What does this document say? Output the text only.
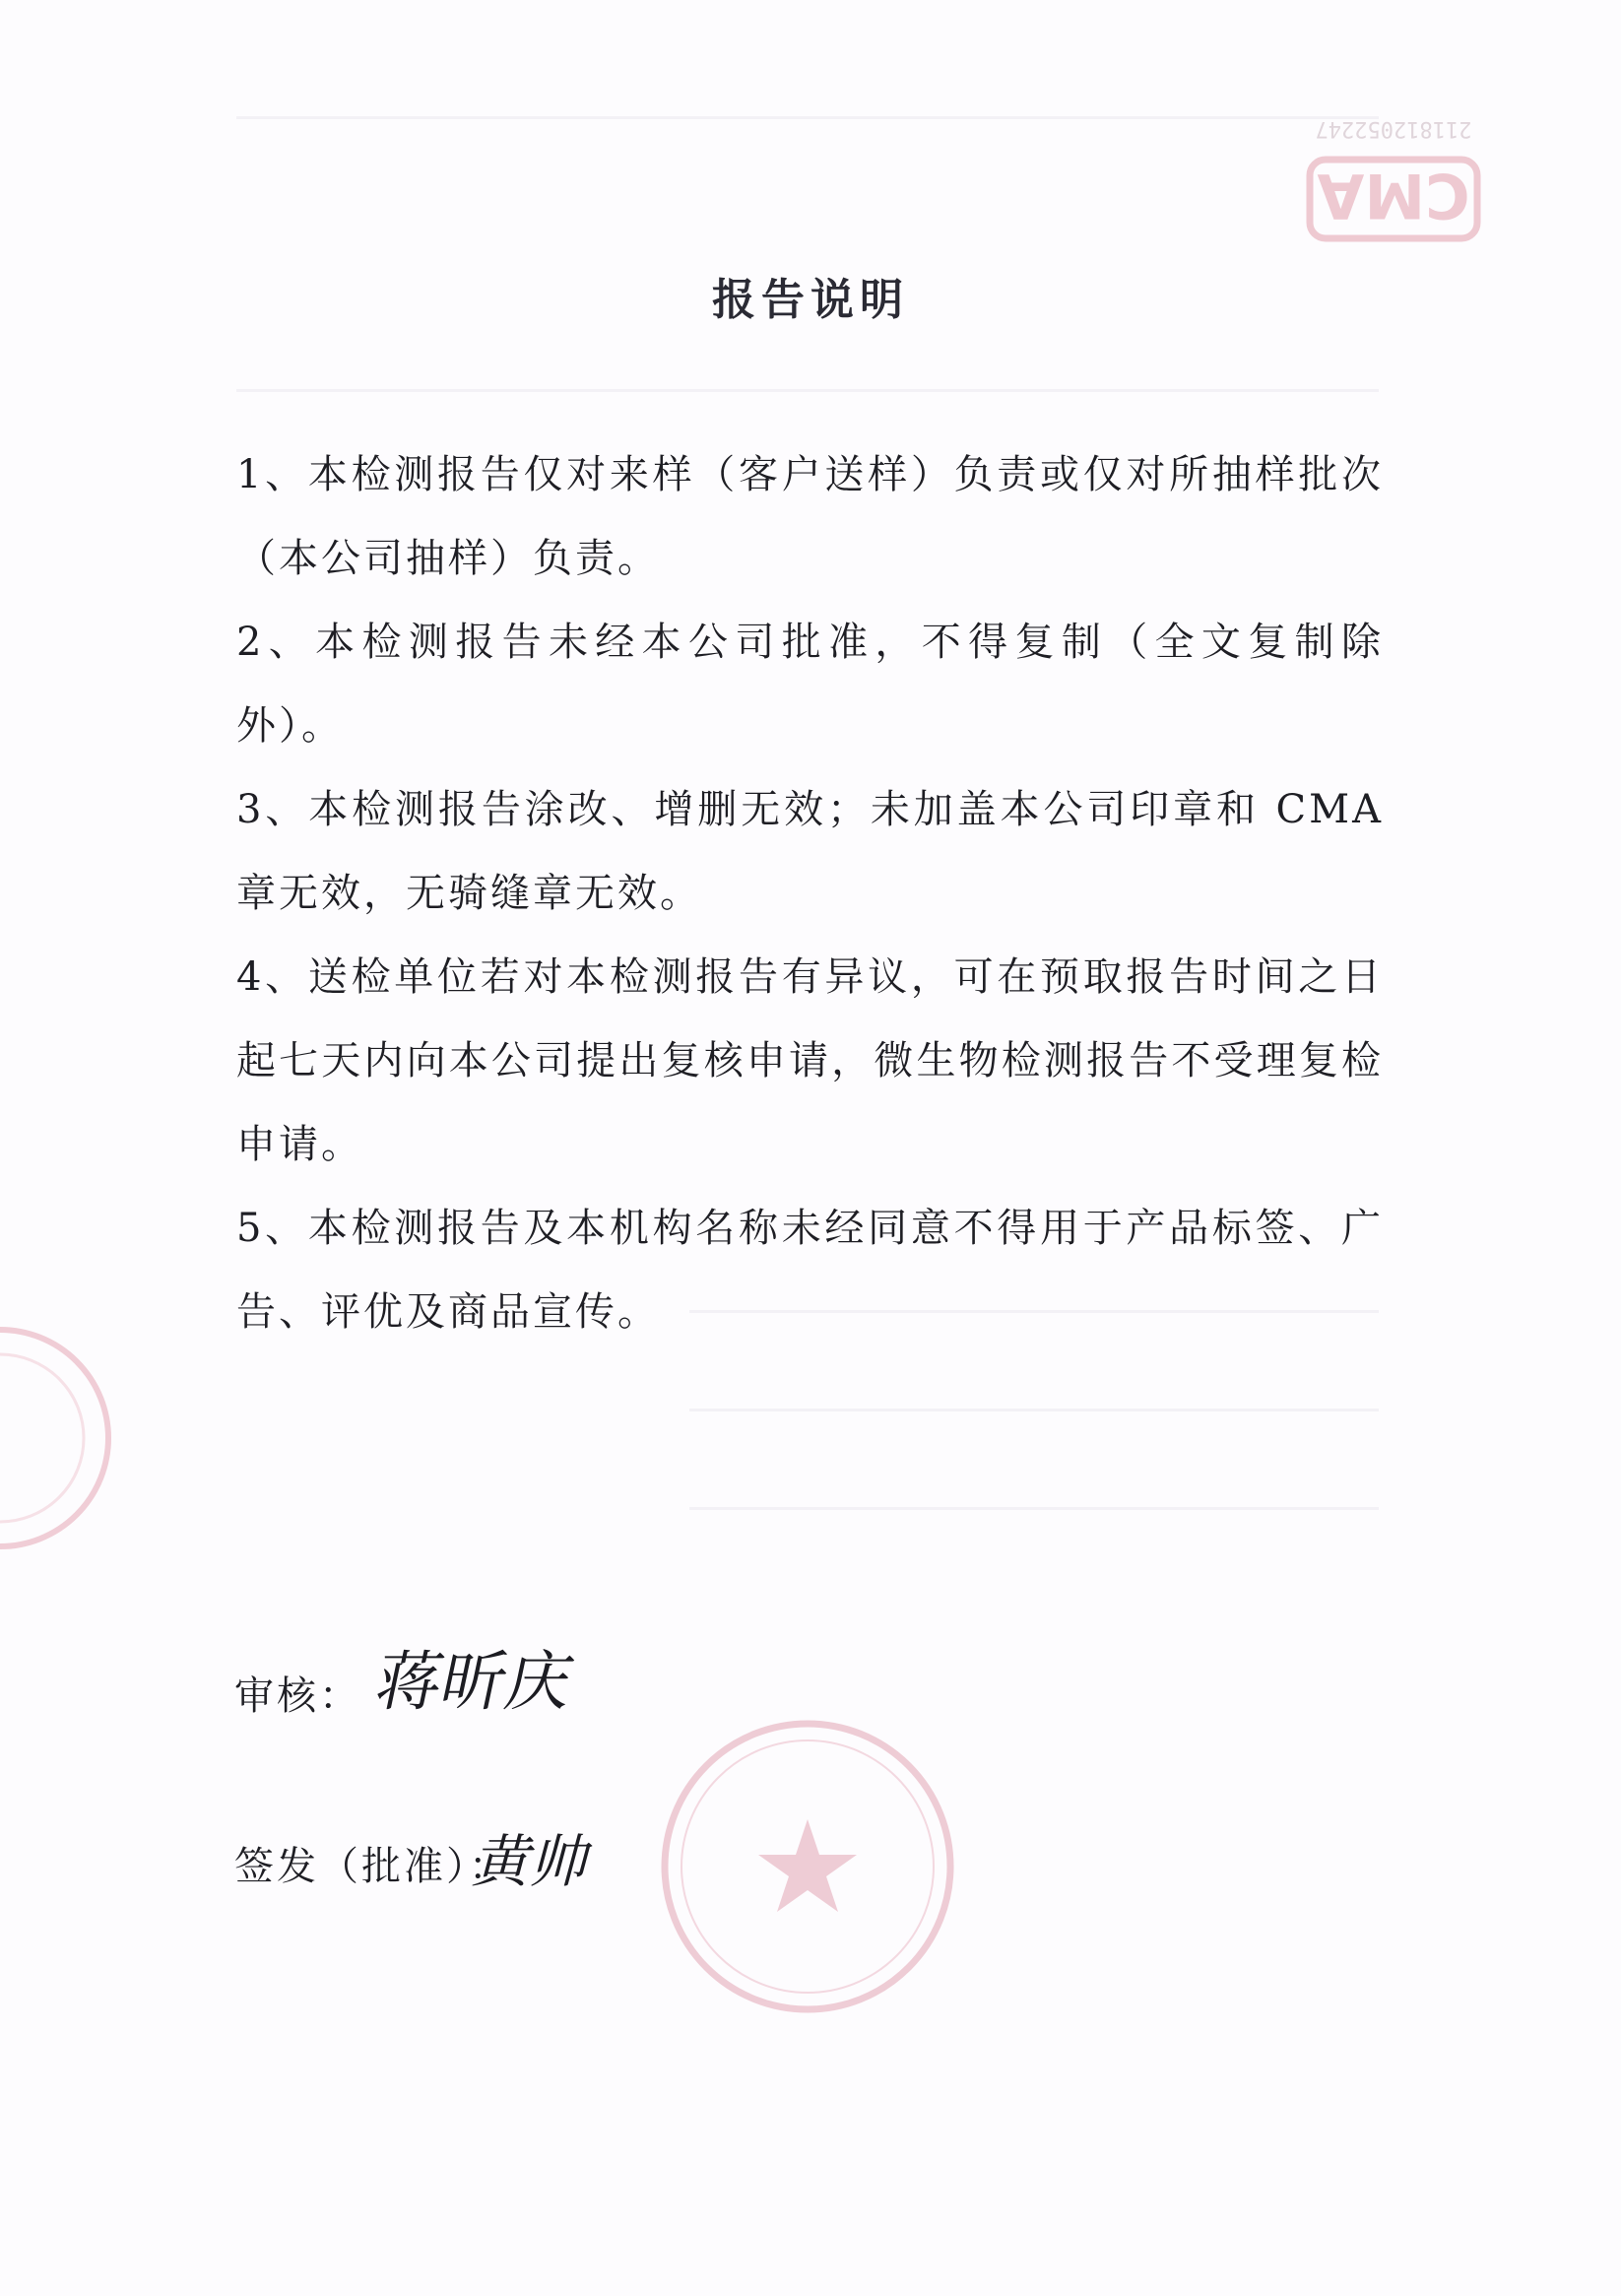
CMA
211812052247
报告说明

1、本检测报告仅对来样（客户送样）负责或仅对所抽样批次（本公司抽样）负责。

2、本检测报告未经本公司批准，不得复制（全文复制除外）。

3、本检测报告涂改、增删无效；未加盖本公司印章和 CMA 章无效，无骑缝章无效。

4、送检单位若对本检测报告有异议，可在预取报告时间之日起七天内向本公司提出复核申请，微生物检测报告不受理复检申请。

5、本检测报告及本机构名称未经同意不得用于产品标签、广告、评优及商品宣传。

审核： 蒋昕庆
签发（批准）：
黄帅
